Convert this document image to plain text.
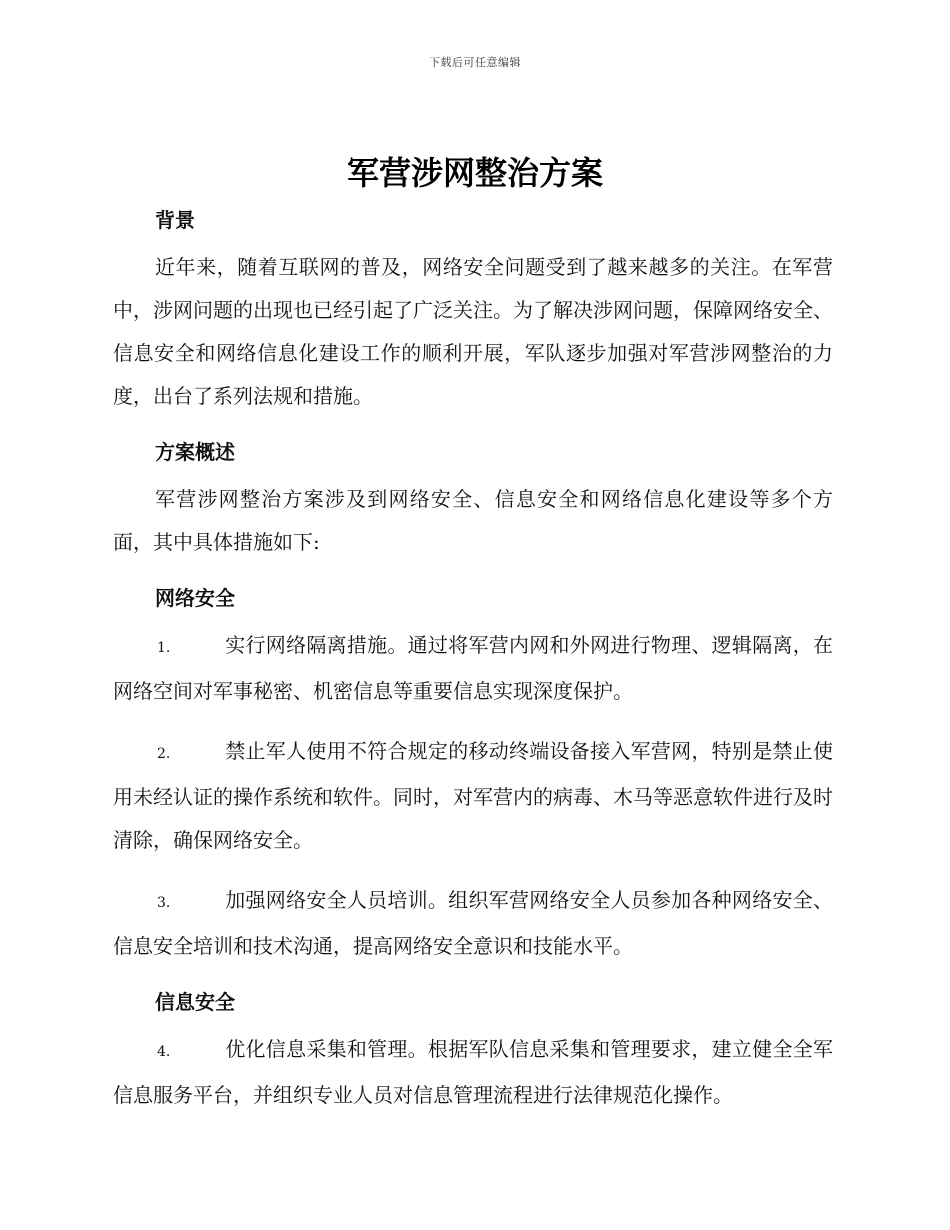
下载后可任意编辑
军营涉网整治方案

背景

近年来，随着互联网的普及，网络安全问题受到了越来越多的关注。在军营中，涉网问题的出现也已经引起了广泛关注。为了解决涉网问题，保障网络安全、信息安全和网络信息化建设工作的顺利开展，军队逐步加强对军营涉网整治的力度，出台了系列法规和措施。

方案概述

军营涉网整治方案涉及到网络安全、信息安全和网络信息化建设等多个方面，其中具体措施如下:

网络安全

1.	实行网络隔离措施。通过将军营内网和外网进行物理、逻辑隔离，在网络空间对军事秘密、机密信息等重要信息实现深度保护。

2.	禁止军人使用不符合规定的移动终端设备接入军营网，特别是禁止使用未经认证的操作系统和软件。同时，对军营内的病毒、木马等恶意软件进行及时清除，确保网络安全。

3.	加强网络安全人员培训。组织军营网络安全人员参加各种网络安全、信息安全培训和技术沟通，提高网络安全意识和技能水平。

信息安全

4.	优化信息采集和管理。根据军队信息采集和管理要求，建立健全全军信息服务平台，并组织专业人员对信息管理流程进行法律规范化操作。
